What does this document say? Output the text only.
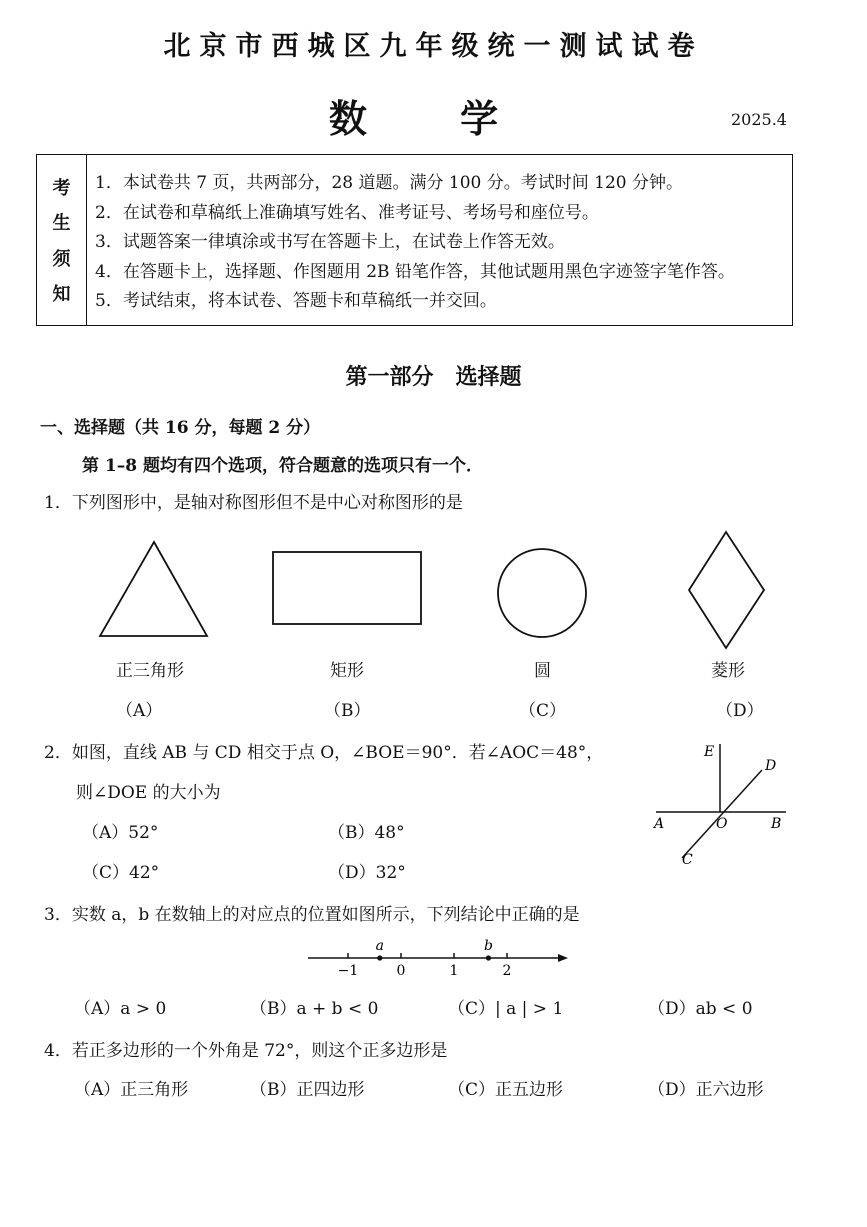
北京市西城区九年级统一测试试卷
数 学	2025.4
考
生
须
知
1．本试卷共 7 页，共两部分，28 道题。满分 100 分。考试时间 120 分钟。
2．在试卷和草稿纸上准确填写姓名、准考证号、考场号和座位号。
3．试题答案一律填涂或书写在答题卡上，在试卷上作答无效。
4．在答题卡上，选择题、作图题用 2B 铅笔作答，其他试题用黑色字迹签字笔作答。
5．考试结束，将本试卷、答题卡和草稿纸一并交回。
第一部分　选择题
一、选择题（共 16 分，每题 2 分）
第 1–8 题均有四个选项，符合题意的选项只有一个．
1．下列图形中，是轴对称图形但不是中心对称图形的是
正三角形	矩形	圆	菱形
（A）	（B）	（C）	（D）
2．如图，直线 AB 与 CD 相交于点 O，∠BOE＝90°．若∠AOC＝48°，
则∠DOE 的大小为
（A）52°	（B）48°
（C）42°	（D）32°
E
D
A	O	B
C
3．实数 a，b 在数轴上的对应点的位置如图所示，下列结论中正确的是
−1	0	1	2
a	b
（A）a > 0	（B）a + b < 0	（C）| a | > 1	（D）ab < 0
4．若正多边形的一个外角是 72°，则这个正多边形是
（A）正三角形	（B）正四边形	（C）正五边形	（D）正六边形
